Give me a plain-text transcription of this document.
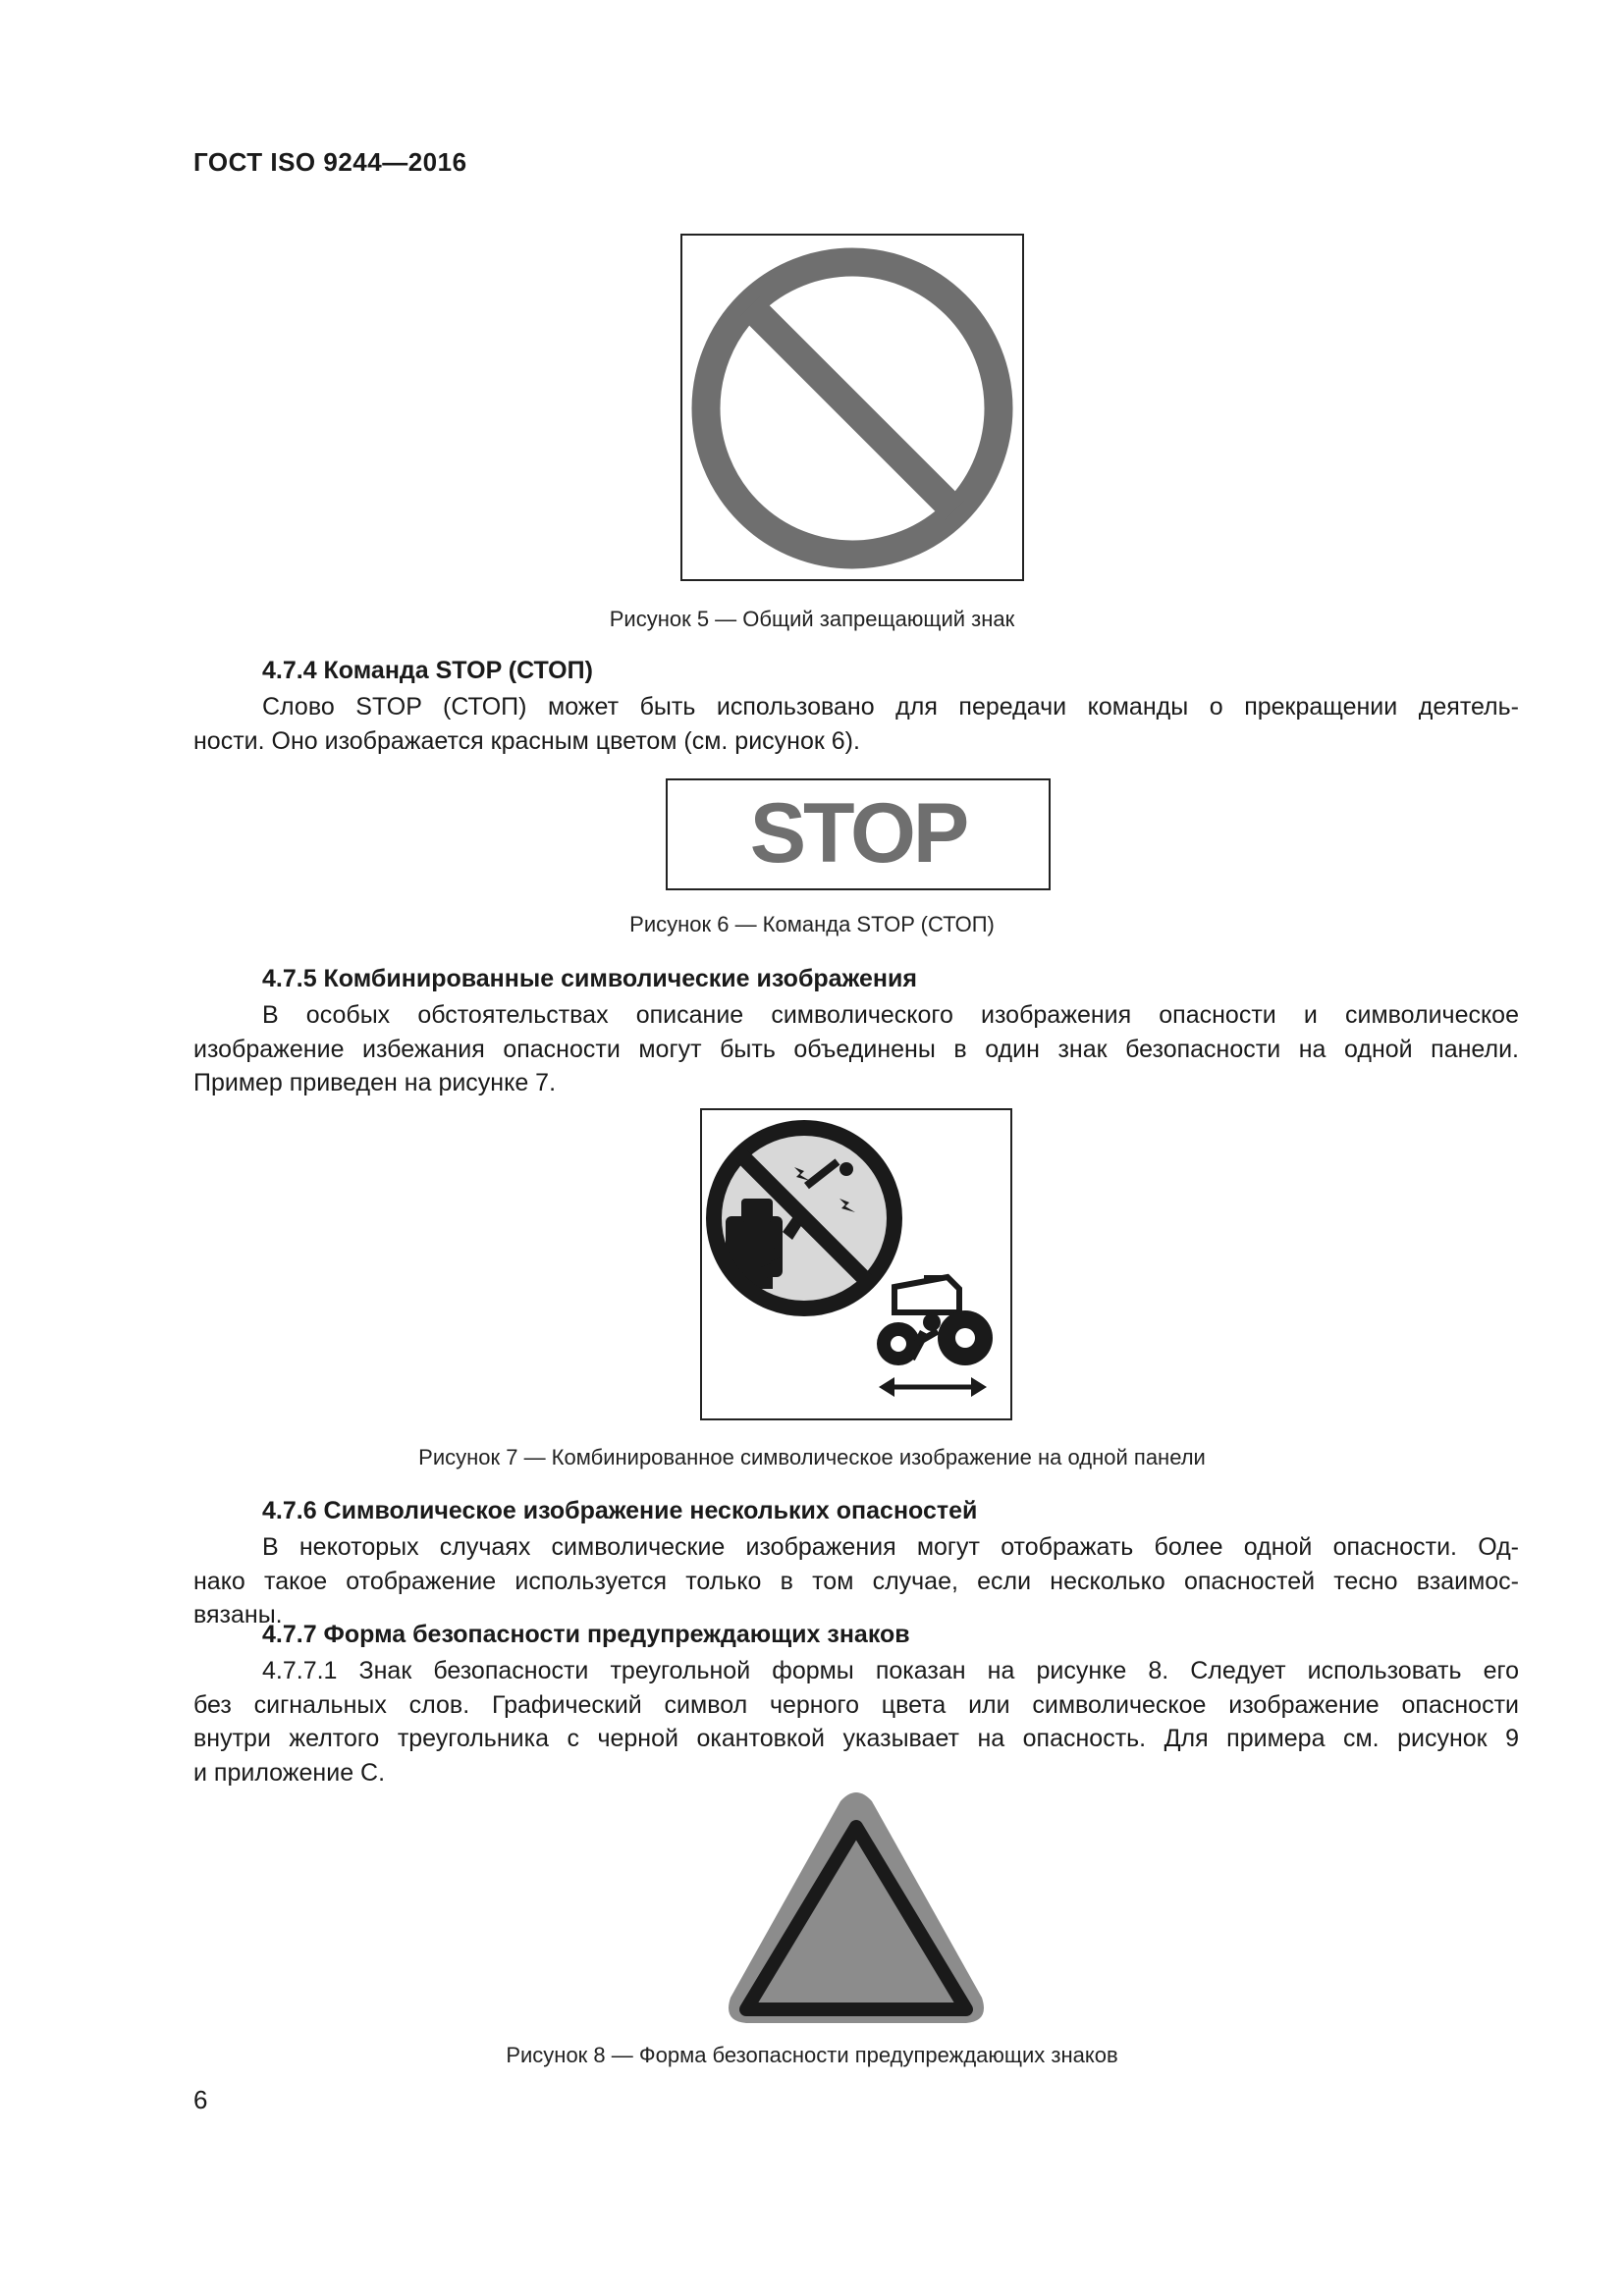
ГОСТ ISO 9244—2016
Рисунок 5 — Общий запрещающий знак
4.7.4 Команда STOP (СТОП)
Слово STOP (СТОП) может быть использовано для передачи команды о прекращении деятель-
ности. Оно изображается красным цветом (см. рисунок 6).
STOP
Рисунок 6 — Команда STOP (СТОП)
4.7.5 Комбинированные символические изображения
В особых обстоятельствах описание символического изображения опасности и символическое
изображение избежания опасности могут быть объединены в один знак безопасности на одной панели.
Пример приведен на рисунке 7.
Рисунок 7 — Комбинированное символическое изображение на одной панели
4.7.6 Символическое изображение нескольких опасностей
В некоторых случаях символические изображения могут отображать более одной опасности. Од-
нако такое отображение используется только в том случае, если несколько опасностей тесно взаимос-
вязаны.
4.7.7 Форма безопасности предупреждающих знаков
4.7.7.1 Знак безопасности треугольной формы показан на рисунке 8. Следует использовать его
без сигнальных слов. Графический символ черного цвета или символическое изображение опасности
внутри желтого треугольника с черной окантовкой указывает на опасность. Для примера см. рисунок 9
и приложение С.
Рисунок 8 — Форма безопасности предупреждающих знаков
6
